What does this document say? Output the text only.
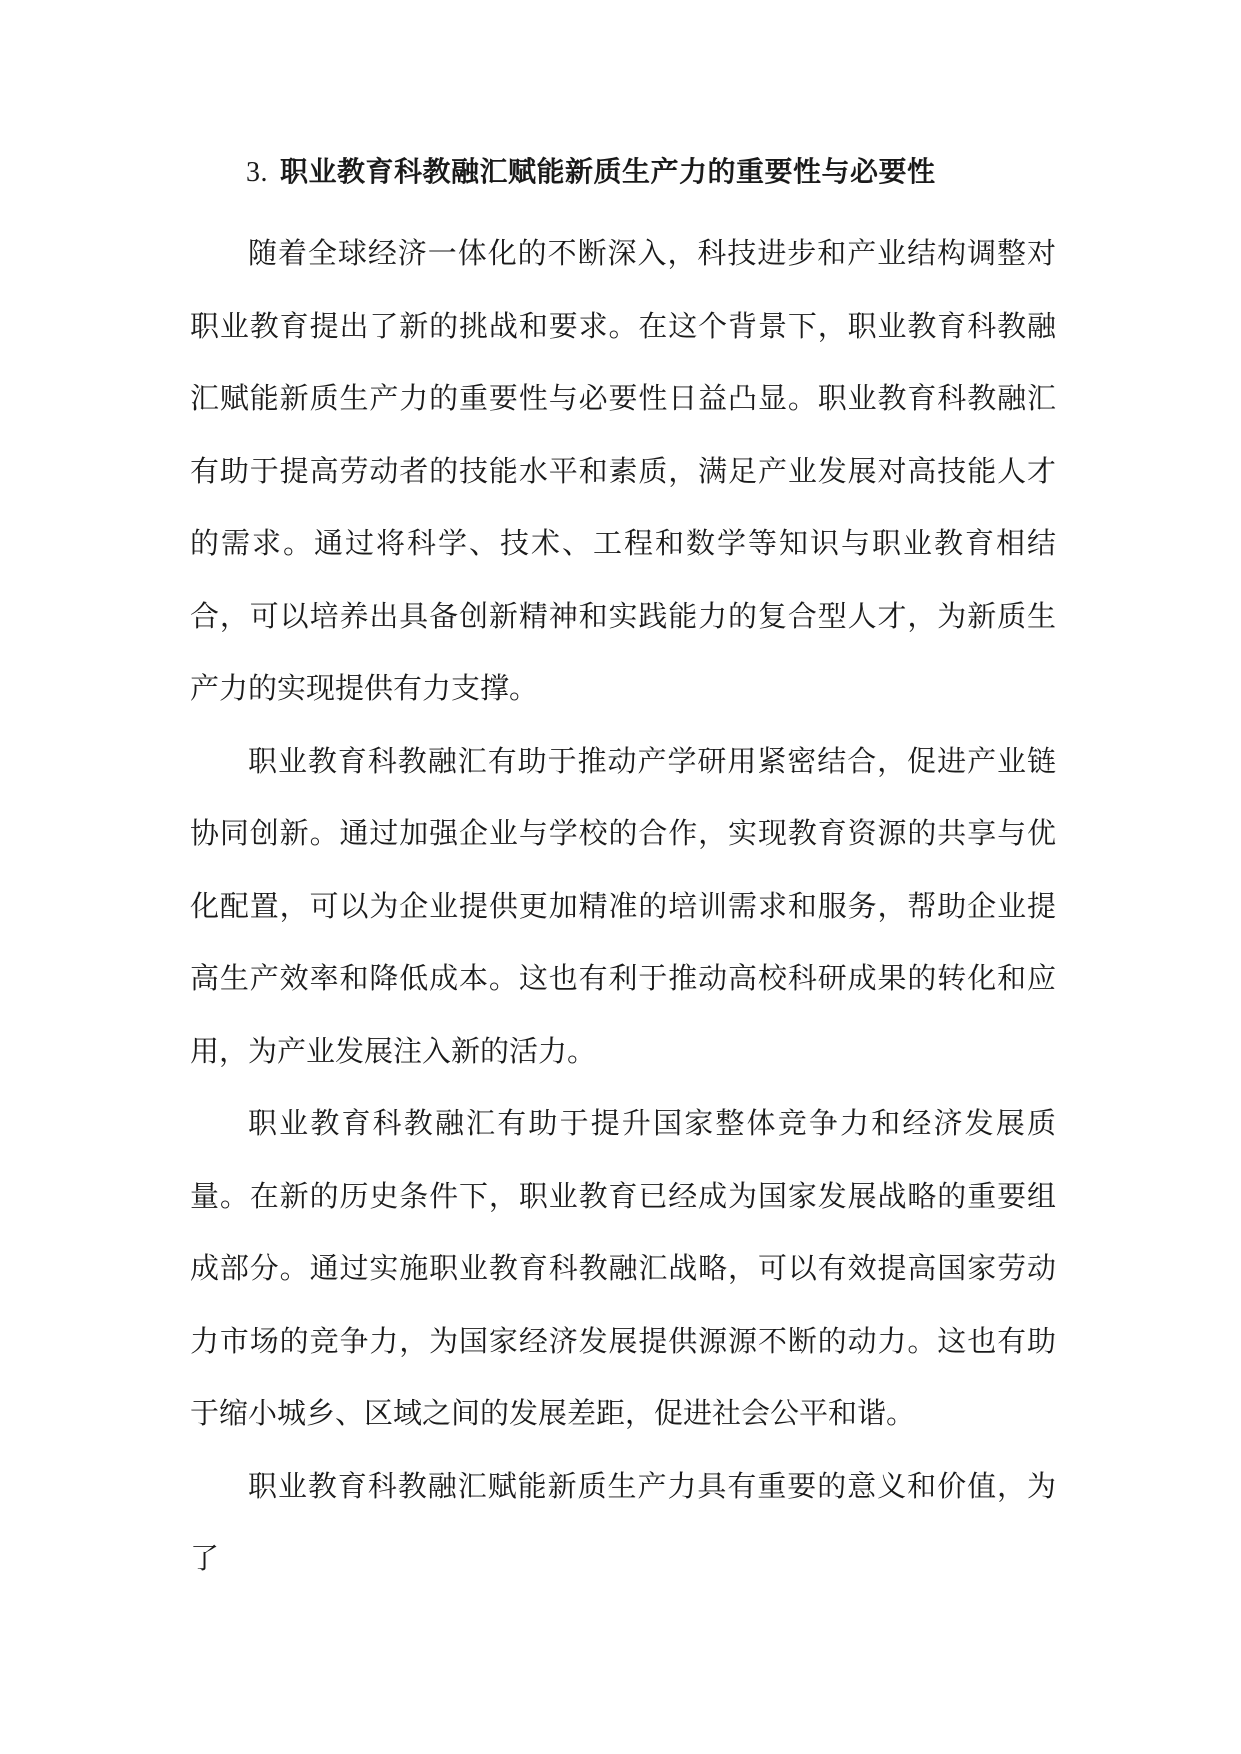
3. 职业教育科教融汇赋能新质生产力的重要性与必要性

随着全球经济一体化的不断深入，科技进步和产业结构调整对职业教育提出了新的挑战和要求。在这个背景下，职业教育科教融汇赋能新质生产力的重要性与必要性日益凸显。职业教育科教融汇有助于提高劳动者的技能水平和素质，满足产业发展对高技能人才的需求。通过将科学、技术、工程和数学等知识与职业教育相结合，可以培养出具备创新精神和实践能力的复合型人才，为新质生产力的实现提供有力支撑。

职业教育科教融汇有助于推动产学研用紧密结合，促进产业链协同创新。通过加强企业与学校的合作，实现教育资源的共享与优化配置，可以为企业提供更加精准的培训需求和服务，帮助企业提高生产效率和降低成本。这也有利于推动高校科研成果的转化和应用，为产业发展注入新的活力。

职业教育科教融汇有助于提升国家整体竞争力和经济发展质量。在新的历史条件下，职业教育已经成为国家发展战略的重要组成部分。通过实施职业教育科教融汇战略，可以有效提高国家劳动力市场的竞争力，为国家经济发展提供源源不断的动力。这也有助于缩小城乡、区域之间的发展差距，促进社会公平和谐。

职业教育科教融汇赋能新质生产力具有重要的意义和价值，为了
